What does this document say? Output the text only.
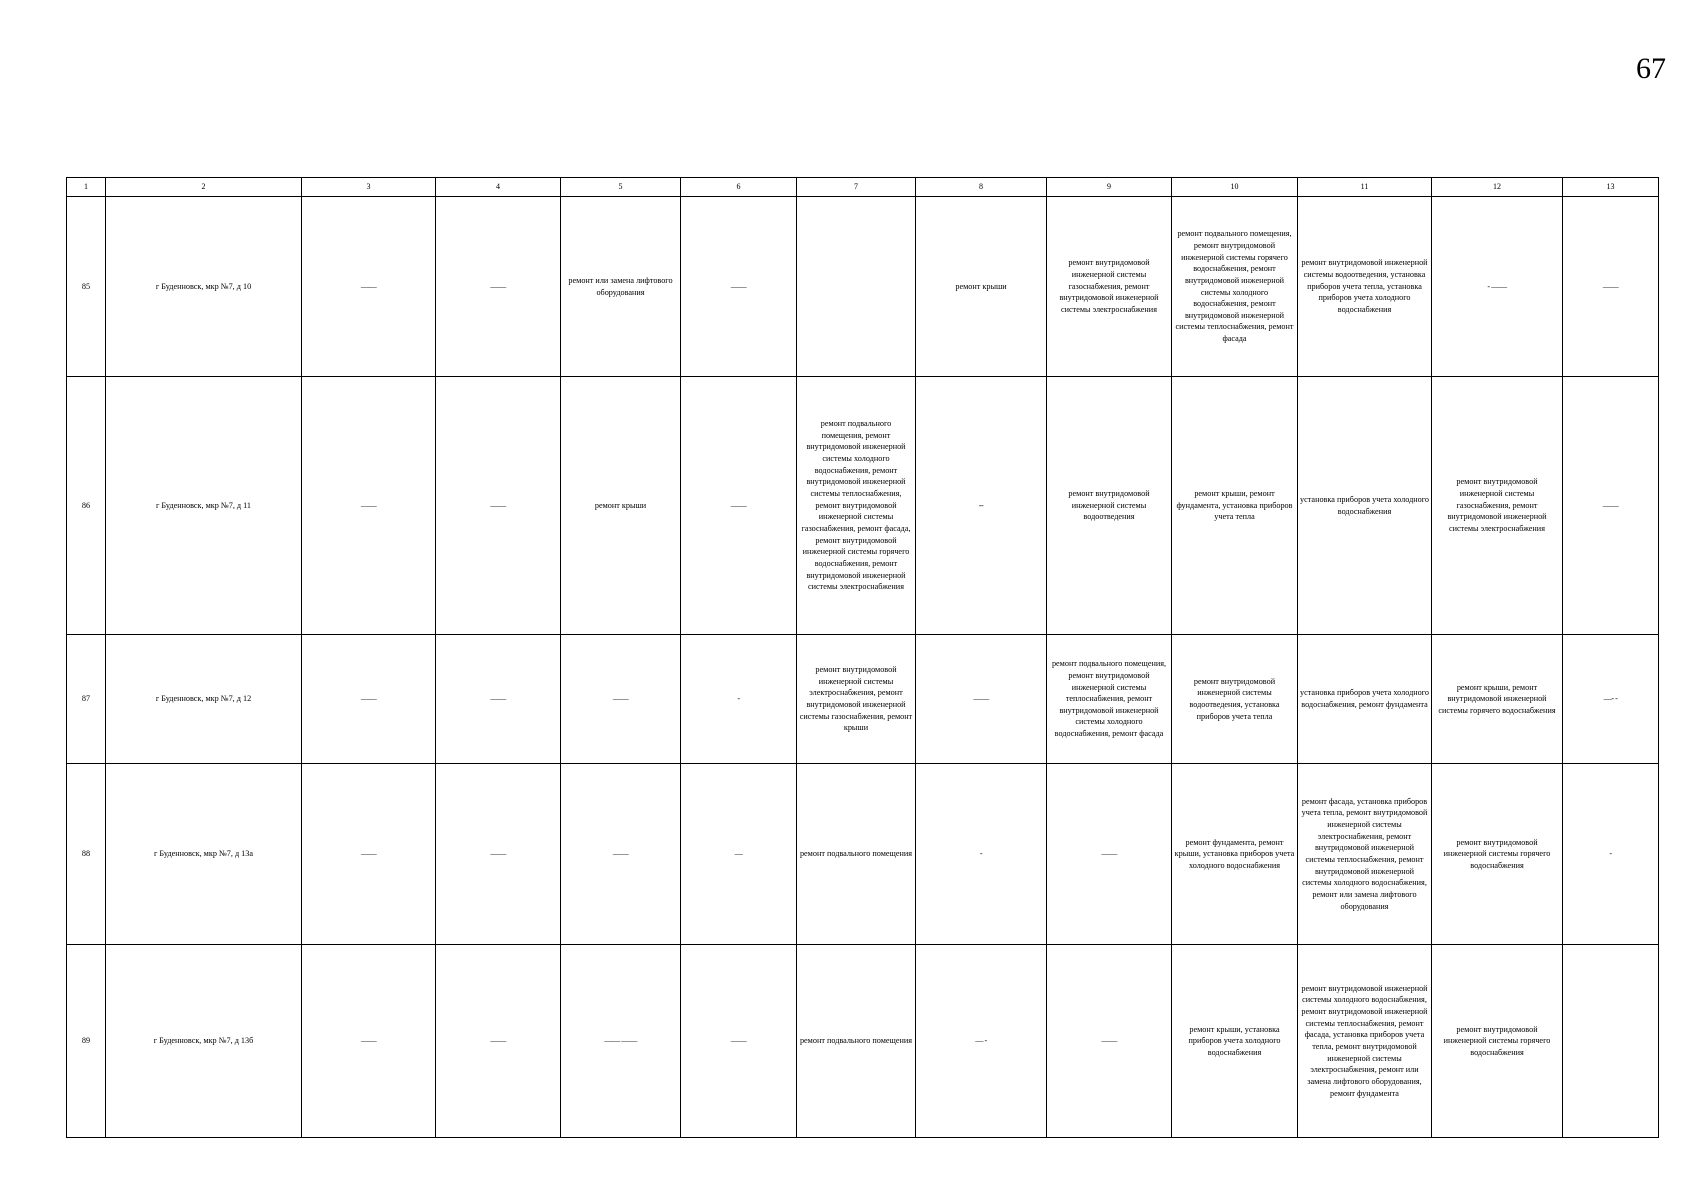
67
1	2	3	4	5	6	7	8	9	10	11	12	13
85	г Буденновск, мкр №7, д 10	——	——	ремонт или замена лифтового оборудования	——		ремонт крыши	ремонт внутридомовой инженерной системы газоснабжения, ремонт внутридомовой инженерной системы электроснабжения	ремонт подвального помещения, ремонт внутридомовой инженерной системы горячего водоснабжения, ремонт внутридомовой инженерной системы холодного водоснабжения, ремонт внутридомовой инженерной системы теплоснабжения, ремонт фасада	ремонт внутридомовой инженерной системы водоотведения, установка приборов учета тепла, установка приборов учета холодного водоснабжения	- ——	——
86	г Буденновск, мкр №7, д 11	——	——	ремонт крыши	——	ремонт подвального помещения, ремонт внутридомовой инженерной системы холодного водоснабжения, ремонт внутридомовой инженерной системы теплоснабжения, ремонт внутридомовой инженерной системы газоснабжения, ремонт фасада, ремонт внутридомовой инженерной системы горячего водоснабжения, ремонт внутридомовой инженерной системы электроснабжения	--	ремонт внутридомовой инженерной системы водоотведения	ремонт крыши, ремонт фундамента, установка приборов учета тепла	установка приборов учета холодного водоснабжения	ремонт внутридомовой инженерной системы газоснабжения, ремонт внутридомовой инженерной системы электроснабжения	——
87	г Буденновск, мкр №7, д 12	——	——	——	-	ремонт внутридомовой инженерной системы электроснабжения, ремонт внутридомовой инженерной системы газоснабжения, ремонт крыши	——	ремонт подвального помещения, ремонт внутридомовой инженерной системы теплоснабжения, ремонт внутридомовой инженерной системы холодного водоснабжения, ремонт фасада	ремонт внутридомовой инженерной системы водоотведения, установка приборов учета тепла	установка приборов учета холодного водоснабжения, ремонт фундамента	ремонт крыши, ремонт внутридомовой инженерной системы горячего водоснабжения	—- -
88	г Буденновск, мкр №7, д 13а	——	——	——	—	ремонт подвального помещения	-	——	ремонт фундамента, ремонт крыши, установка приборов учета холодного водоснабжения	ремонт фасада, установка приборов учета тепла, ремонт внутридомовой инженерной системы электроснабжения, ремонт внутридомовой инженерной системы теплоснабжения, ремонт внутридомовой инженерной системы холодного водоснабжения, ремонт или замена лифтового оборудования	ремонт внутридомовой инженерной системы горячего водоснабжения	-
89	г Буденновск, мкр №7, д 13б	——	——	—— ——	——	ремонт подвального помещения	— -	——	ремонт крыши, установка приборов учета холодного водоснабжения	ремонт внутридомовой инженерной системы холодного водоснабжения, ремонт внутридомовой инженерной системы теплоснабжения, ремонт фасада, установка приборов учета тепла, ремонт внутридомовой инженерной системы электроснабжения, ремонт или замена лифтового оборудования, ремонт фундамента	ремонт внутридомовой инженерной системы горячего водоснабжения	
